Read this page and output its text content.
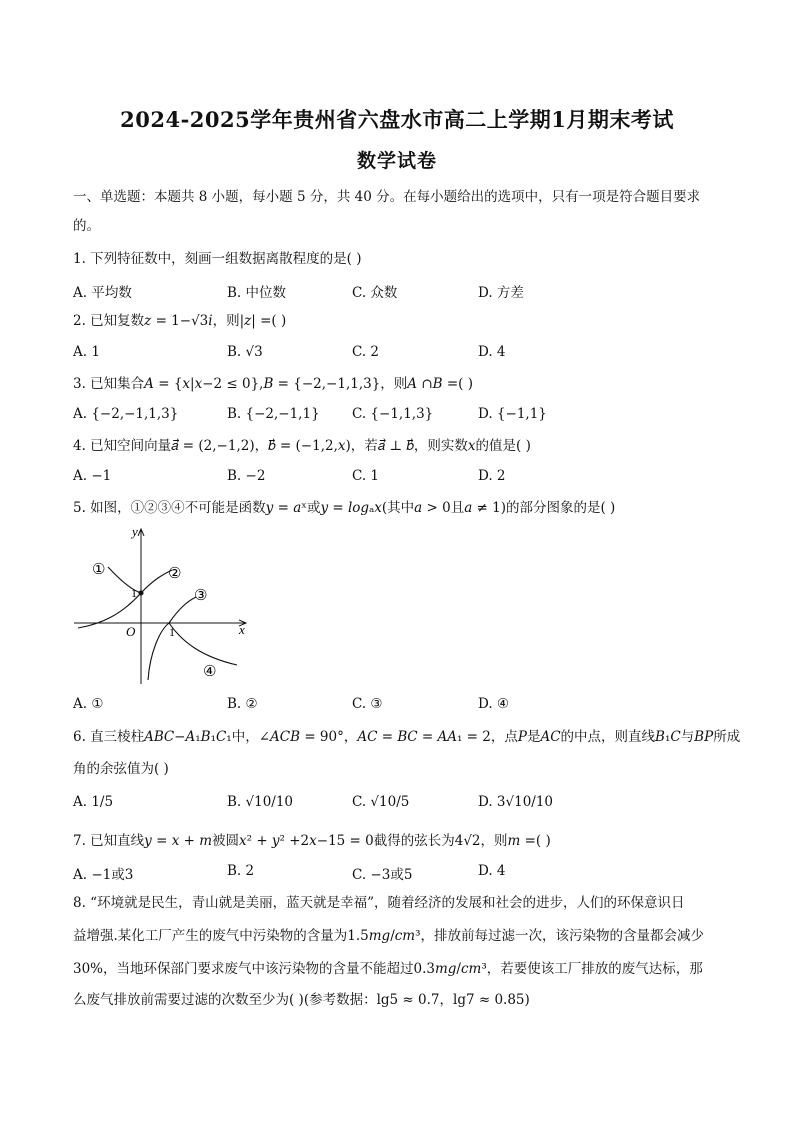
2024-2025学年贵州省六盘水市高二上学期1月期末考试
数学试卷
一、单选题：本题共 8 小题，每小题 5 分，共 40 分。在每小题给出的选项中，只有一项是符合题目要求
的。
1. 下列特征数中，刻画一组数据离散程度的是( )
A. 平均数	B. 中位数	C. 众数	D. 方差
2. 已知复数𝑧 = 1−√3𝑖，则|𝑧| =( )
A. 1	B. √3	C. 2	D. 4
3. 已知集合𝐴 = {𝑥|𝑥−2 ≤ 0},𝐵 = {−2,−1,1,3}，则𝐴 ∩𝐵 =( )
A. {−2,−1,1,3}	B. {−2,−1,1} C. {−1,1,3}	D. {−1,1}
4. 已知空间向量𝑎⃗ = (2,−1,2)，𝑏⃗ = (−1,2,𝑥)，若𝑎⃗ ⊥ 𝑏⃗，则实数𝑥的值是( )
A. −1	B. −2	C. 1	D. 2
5. 如图，①②③④不可能是函数𝑦 = 𝑎ˣ或𝑦 = 𝑙𝑜𝑔ₐ𝑥(其中𝑎 > 0且𝑎 ≠ 1)的部分图象的是( )
y
x
O
1
1
①	②
③
④
A. ①	B. ②	C. ③	D. ④
6. 直三棱柱𝐴𝐵𝐶−𝐴₁𝐵₁𝐶₁中，∠𝐴𝐶𝐵 = 90°，𝐴𝐶 = 𝐵𝐶 = 𝐴𝐴₁ = 2，点𝑃是𝐴𝐶的中点，则直线𝐵₁𝐶与𝐵𝑃所成
角的余弦值为( )
A. 1/5	B. √10/10	C. √10/5	D. 3√10/10
7. 已知直线𝑦 = 𝑥 + 𝑚被圆𝑥² + 𝑦² +2𝑥−15 = 0截得的弦长为4√2，则𝑚 =( )
A. −1或3	B. 2	C. −3或5	D. 4
8. “环境就是民生，青山就是美丽，蓝天就是幸福”，随着经济的发展和社会的进步，人们的环保意识日
益增强.某化工厂产生的废气中污染物的含量为1.5𝑚𝑔/𝑐𝑚³，排放前每过滤一次，该污染物的含量都会减少
30%，当地环保部门要求废气中该污染物的含量不能超过0.3𝑚𝑔/𝑐𝑚³，若要使该工厂排放的废气达标，那
么废气排放前需要过滤的次数至少为( )(参考数据：lg5 ≈ 0.7，lg7 ≈ 0.85)
